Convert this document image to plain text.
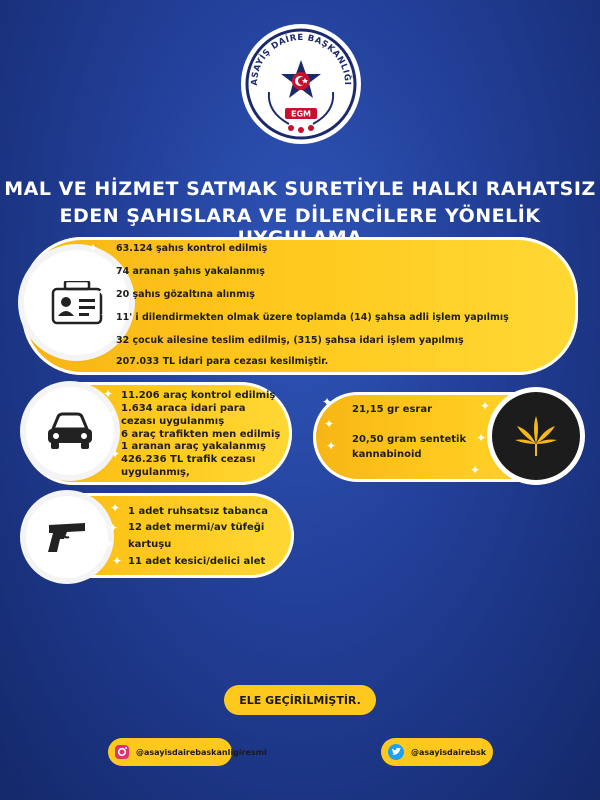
ASAYİŞ DAİRE BAŞKANLIĞI
EGM
MAL VE HİZMET SATMAK SURETİYLE HALKI RAHATSIZ
EDEN ŞAHISLARA VE DİLENCİLERE YÖNELİK
✦
✦
✦
✦
✦
63.124 şahıs kontrol edilmiş
74 aranan şahıs yakalanmış
20 şahıs gözaltına alınmış
11' i dilendirmekten olmak üzere toplamda (14) şahsa adli işlem yapılmış
32 çocuk ailesine teslim edilmiş, (315) şahsa idari işlem yapılmış
207.033 TL idari para cezası kesilmiştir.
✦
✦
✦
✦
11.206 araç kontrol edilmiş
1.634 araca idari para
cezası uygulanmış
6 araç trafikten men edilmiş
1 aranan araç yakalanmış
426.236 TL trafik cezası
uygulanmış,
✦	✦
✦
✦
✦
✦
21,15 gr esrar
20,50 gram sentetik
kannabinoid
✦
✦
✦
✦
1 adet ruhsatsız tabanca
12 adet mermi/av tüfeği
kartuşu
11 adet kesici/delici alet
ELE GEÇİRİLMİŞTİR.
@asayisdairebaskanligiresmi	@asayisdairebsk
